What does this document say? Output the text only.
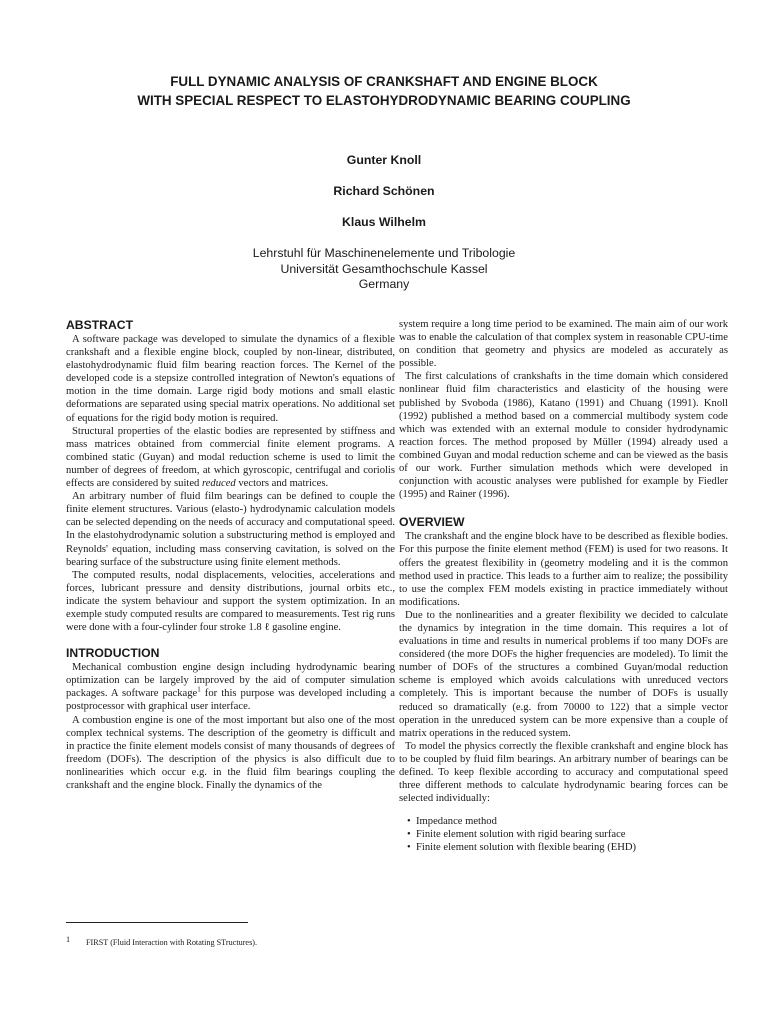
FULL DYNAMIC ANALYSIS OF CRANKSHAFT AND ENGINE BLOCK
WITH SPECIAL RESPECT TO ELASTOHYDRODYNAMIC BEARING COUPLING
Gunter Knoll
Richard Schönen
Klaus Wilhelm
Lehrstuhl für Maschinenelemente und Tribologie
Universität Gesamthochschule Kassel
Germany
ABSTRACT

A software package was developed to simulate the dynamics of a flexible crankshaft and a flexible engine block, coupled by non-linear, distributed, elastohydrodynamic fluid film bearing reaction forces. The Kernel of the developed code is a stepsize controlled integration of Newton's equations of motion in the time domain. Large rigid body motions and small elastic deformations are separated using special matrix operations. No additional set of equations for the rigid body motion is required.

Structural properties of the elastic bodies are represented by stiffness and mass matrices obtained from commercial finite element programs. A combined static (Guyan) and modal reduction scheme is used to limit the number of degrees of freedom, at which gyroscopic, centrifugal and coriolis effects are considered by suited reduced vectors and matrices.

An arbitrary number of fluid film bearings can be defined to couple the finite element structures. Various (elasto-) hydrodynamic calculation models can be selected depending on the needs of accuracy and computational speed. In the elastohydrodynamic solution a substructuring method is employed and Reynolds' equation, including mass conserving cavitation, is solved on the bearing surface of the substructure using finite element methods.

The computed results, nodal displacements, velocities, accelerations and forces, lubricant pressure and density distributions, journal orbits etc., indicate the system behaviour and support the system optimization. In an exemple study computed results are compared to measurements. Test rig runs were done with a four-cylinder four stroke 1.8 ℓ gasoline engine.

INTRODUCTION

Mechanical combustion engine design including hydrodynamic bearing optimization can be largely improved by the aid of computer simulation packages. A software package$^1$ for this purpose was developed including a postprocessor with graphical user interface.

A combustion engine is one of the most important but also one of the most complex technical systems. The description of the geometry is difficult and in practice the finite element models consist of many thousands of degrees of freedom (DOFs). The description of the physics is also difficult due to nonlinearities which occur e.g. in the fluid film bearings coupling the crankshaft and the engine block. Finally the dynamics of the

1 FIRST (Fluid Interaction with Rotating STructures).

system require a long time period to be examined. The main aim of our work was to enable the calculation of that complex system in reasonable CPU-time on condition that geometry and physics are modeled as accurately as possible.

The first calculations of crankshafts in the time domain which considered nonlinear fluid film characteristics and elasticity of the housing were published by Svoboda (1986), Katano (1991) and Chuang (1991). Knoll (1992) published a method based on a commercial multibody system code which was extended with an external module to consider hydrodynamic reaction forces. The method proposed by Müller (1994) already used a combined Guyan and modal reduction scheme and can be viewed as the basis of our work. Further simulation methods which were developed in conjunction with acoustic analyses were published for example by Fiedler (1995) and Rainer (1996).

OVERVIEW

The crankshaft and the engine block have to be described as flexible bodies. For this purpose the finite element method (FEM) is used for two reasons. It offers the greatest flexibility in (geometry modeling and it is the common method used in practice. This leads to a further aim to realize; the possibility to use the complex FEM models existing in practice immediately without modifications.

Due to the nonlinearities and a greater flexibility we decided to calculate the dynamics by integration in the time domain. This requires a lot of evaluations in time and results in numerical problems if too many DOFs are considered (the more DOFs the higher frequencies are modeled). To limit the number of DOFs of the structures a combined Guyan/modal reduction scheme is employed which avoids calculations with unreduced vectors completely. This is important because the number of DOFs is usually reduced so dramatically (e.g. from 70000 to 122) that a simple vector operation in the unreduced system can be more expensive than a couple of matrix operations in the reduced system.

To model the physics correctly the flexible crankshaft and engine block has to be coupled by fluid film bearings. An arbitrary number of bearings can be defined. To keep flexible according to accuracy and computational speed three different methods to calculate hydrodynamic bearing forces can be selected individually:

• Impedance method
• Finite element solution with rigid bearing surface
• Finite element solution with flexible bearing (EHD)
